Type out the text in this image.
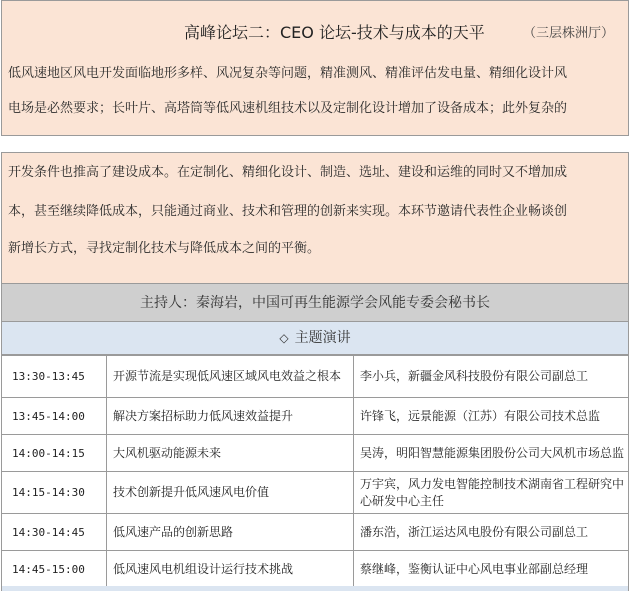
高峰论坛二：CEO 论坛-技术与成本的天平	（三层株洲厅）
低风速地区风电开发面临地形多样、风况复杂等问题，精准测风、精准评估发电量、精细化设计风
电场是必然要求；长叶片、高塔筒等低风速机组技术以及定制化设计增加了设备成本；此外复杂的
开发条件也推高了建设成本。在定制化、精细化设计、制造、选址、建设和运维的同时又不增加成
本，甚至继续降低成本，只能通过商业、技术和管理的创新来实现。本环节邀请代表性企业畅谈创
新增长方式，寻找定制化技术与降低成本之间的平衡。
主持人：秦海岩，中国可再生能源学会风能专委会秘书长
◇ 主题演讲
13:30-13:45	开源节流是实现低风速区域风电效益之根本	李小兵，新疆金风科技股份有限公司副总工
13:45-14:00	解决方案招标助力低风速效益提升	许锋飞，远景能源（江苏）有限公司技术总监
14:00-14:15	大风机驱动能源未来	吴涛，明阳智慧能源集团股份公司大风机市场总监
14:15-14:30	技术创新提升低风速风电价值	万宇宾，风力发电智能控制技术湖南省工程研究中心研发中心主任
14:30-14:45	低风速产品的创新思路	潘东浩，浙江运达风电股份有限公司副总工
14:45-15:00	低风速风电机组设计运行技术挑战	蔡继峰，鉴衡认证中心风电事业部副总经理
